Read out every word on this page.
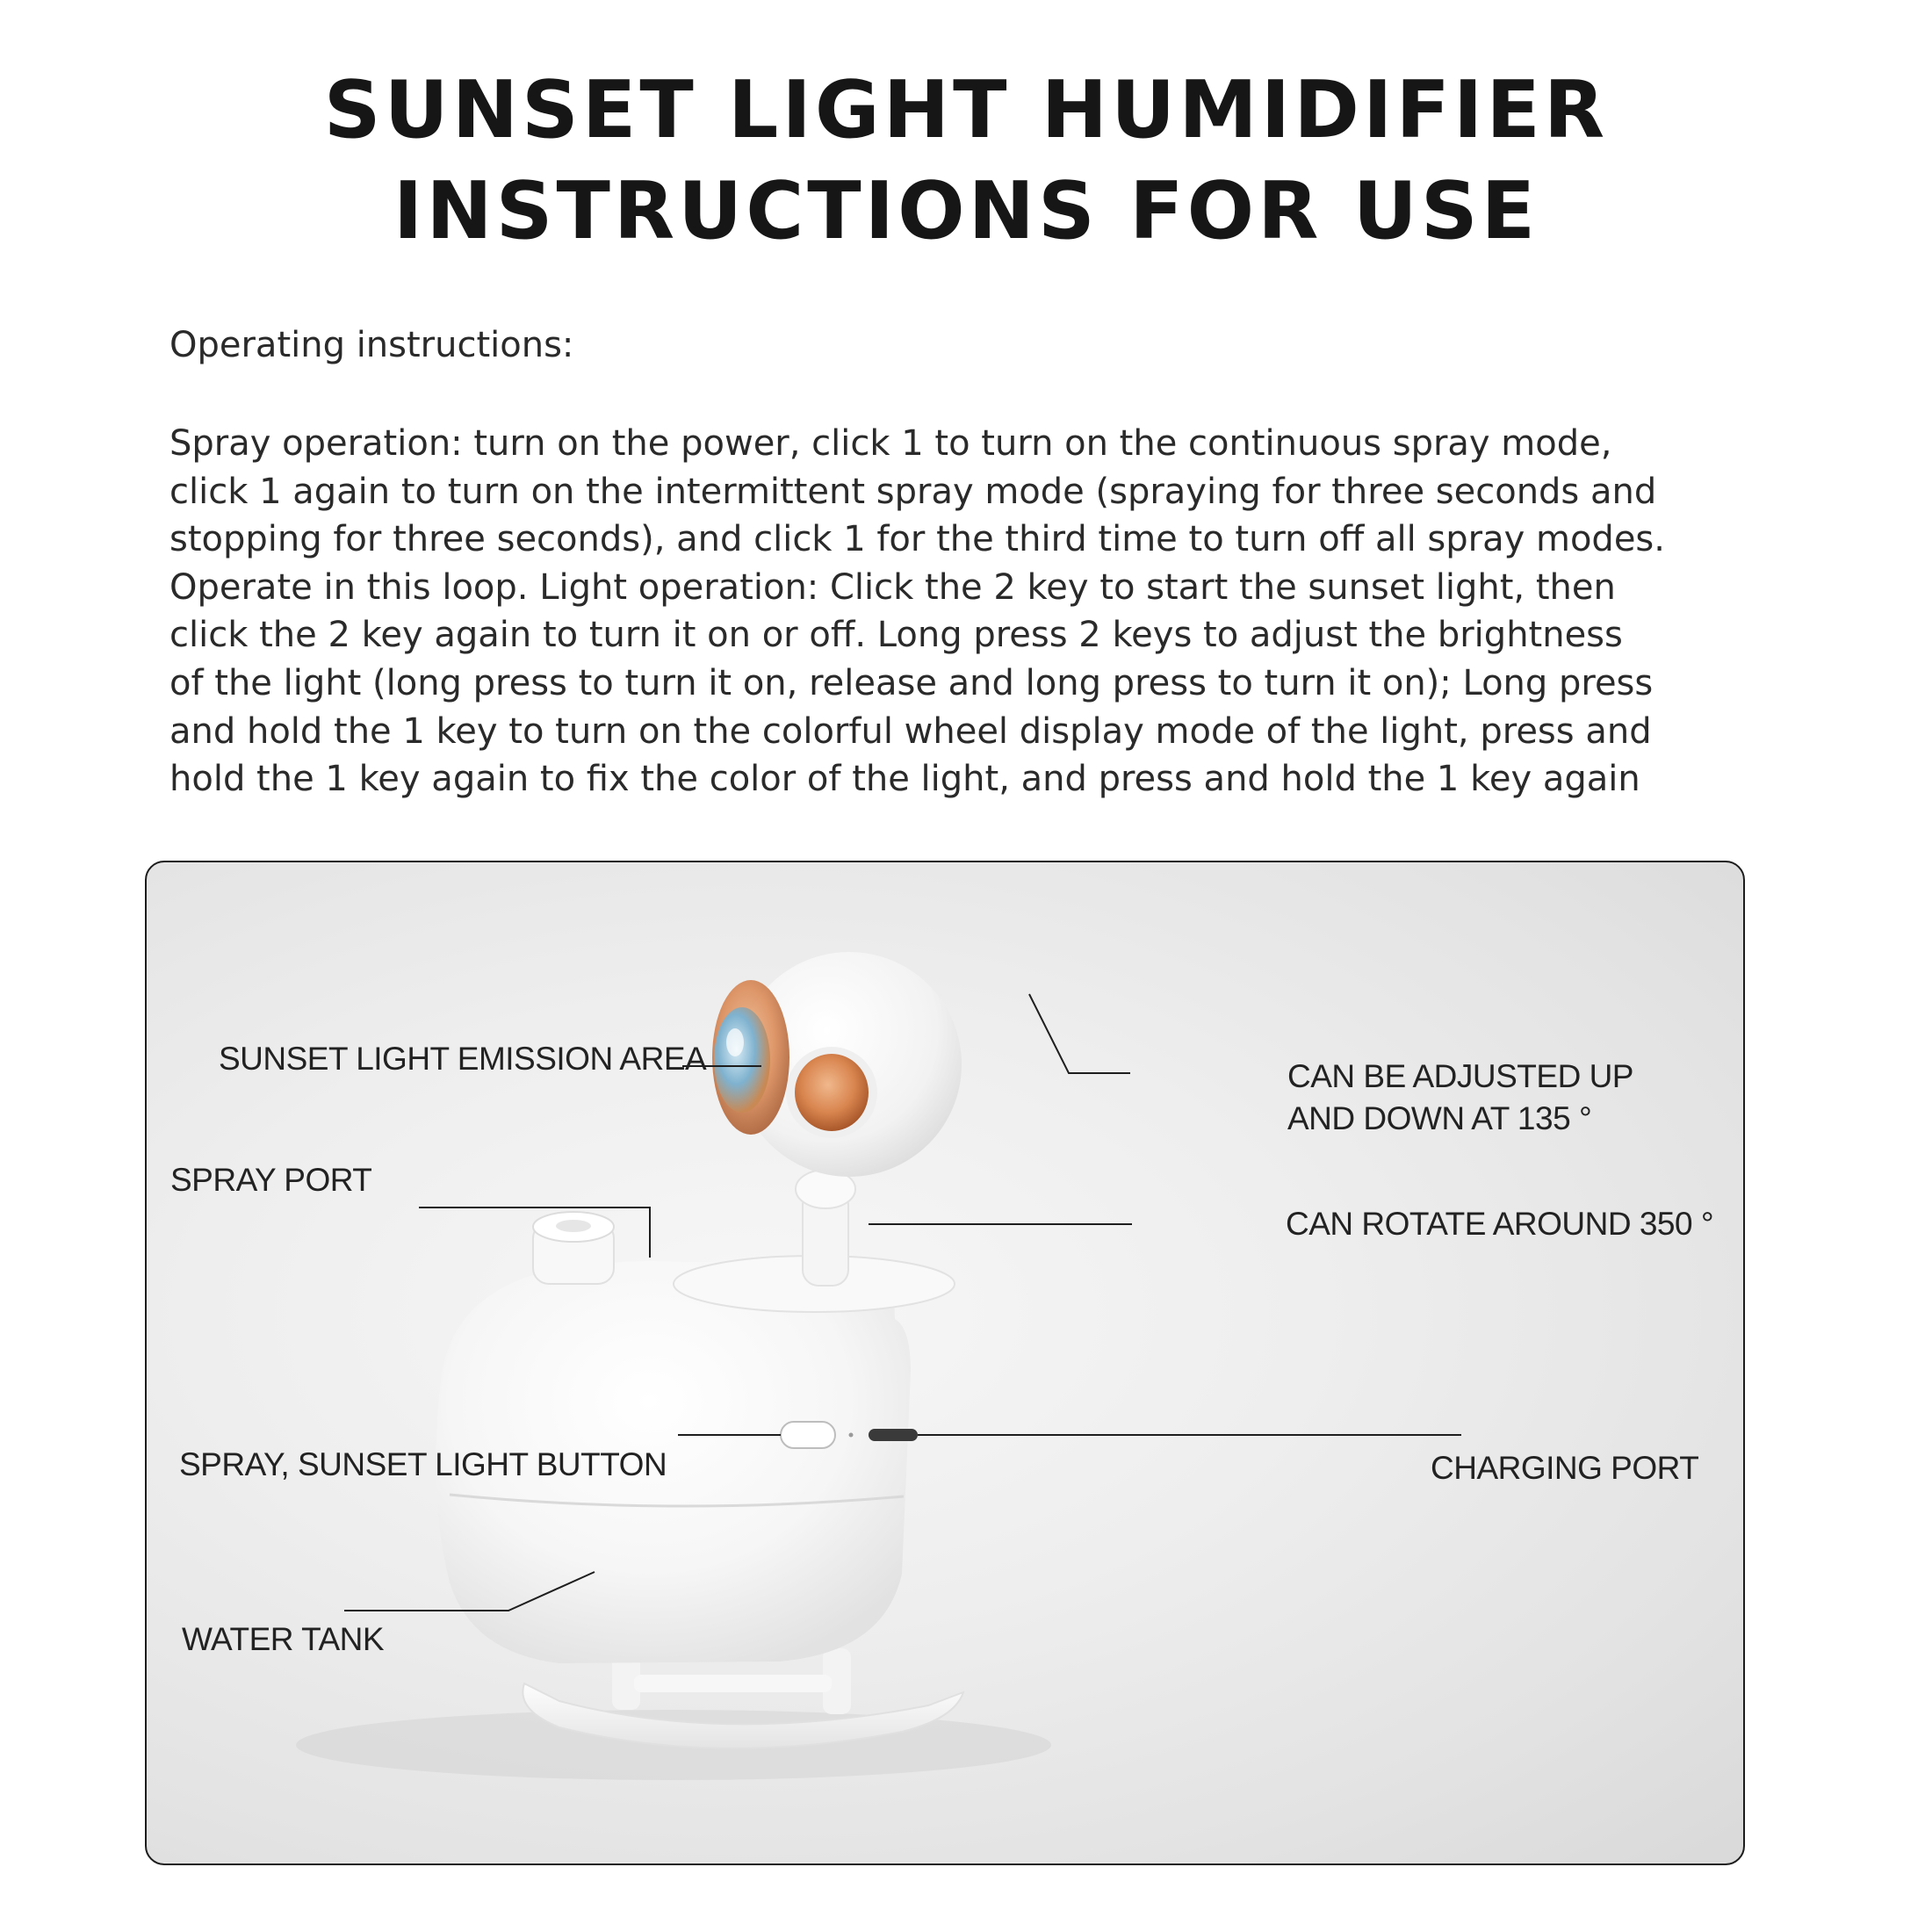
SUNSET LIGHT HUMIDIFIER
INSTRUCTIONS FOR USE
Operating instructions:

Spray operation: turn on the power, click 1 to turn on the continuous spray mode,
click 1 again to turn on the intermittent spray mode (spraying for three seconds and
stopping for three seconds), and click 1 for the third time to turn off all spray modes.
Operate in this loop. Light operation: Click the 2 key to start the sunset light, then
click the 2 key again to turn it on or off. Long press 2 keys to adjust the brightness
of the light (long press to turn it on, release and long press to turn it on); Long press
and hold the 1 key to turn on the colorful wheel display mode of the light, press and
hold the 1 key again to fix the color of the light, and press and hold the 1 key again

SUNSET LIGHT EMISSION AREA	CAN BE ADJUSTED UP
AND DOWN AT 135 °
SPRAY PORT
CAN ROTATE AROUND 350 °
SPRAY, SUNSET LIGHT BUTTON	CHARGING PORT
WATER TANK
